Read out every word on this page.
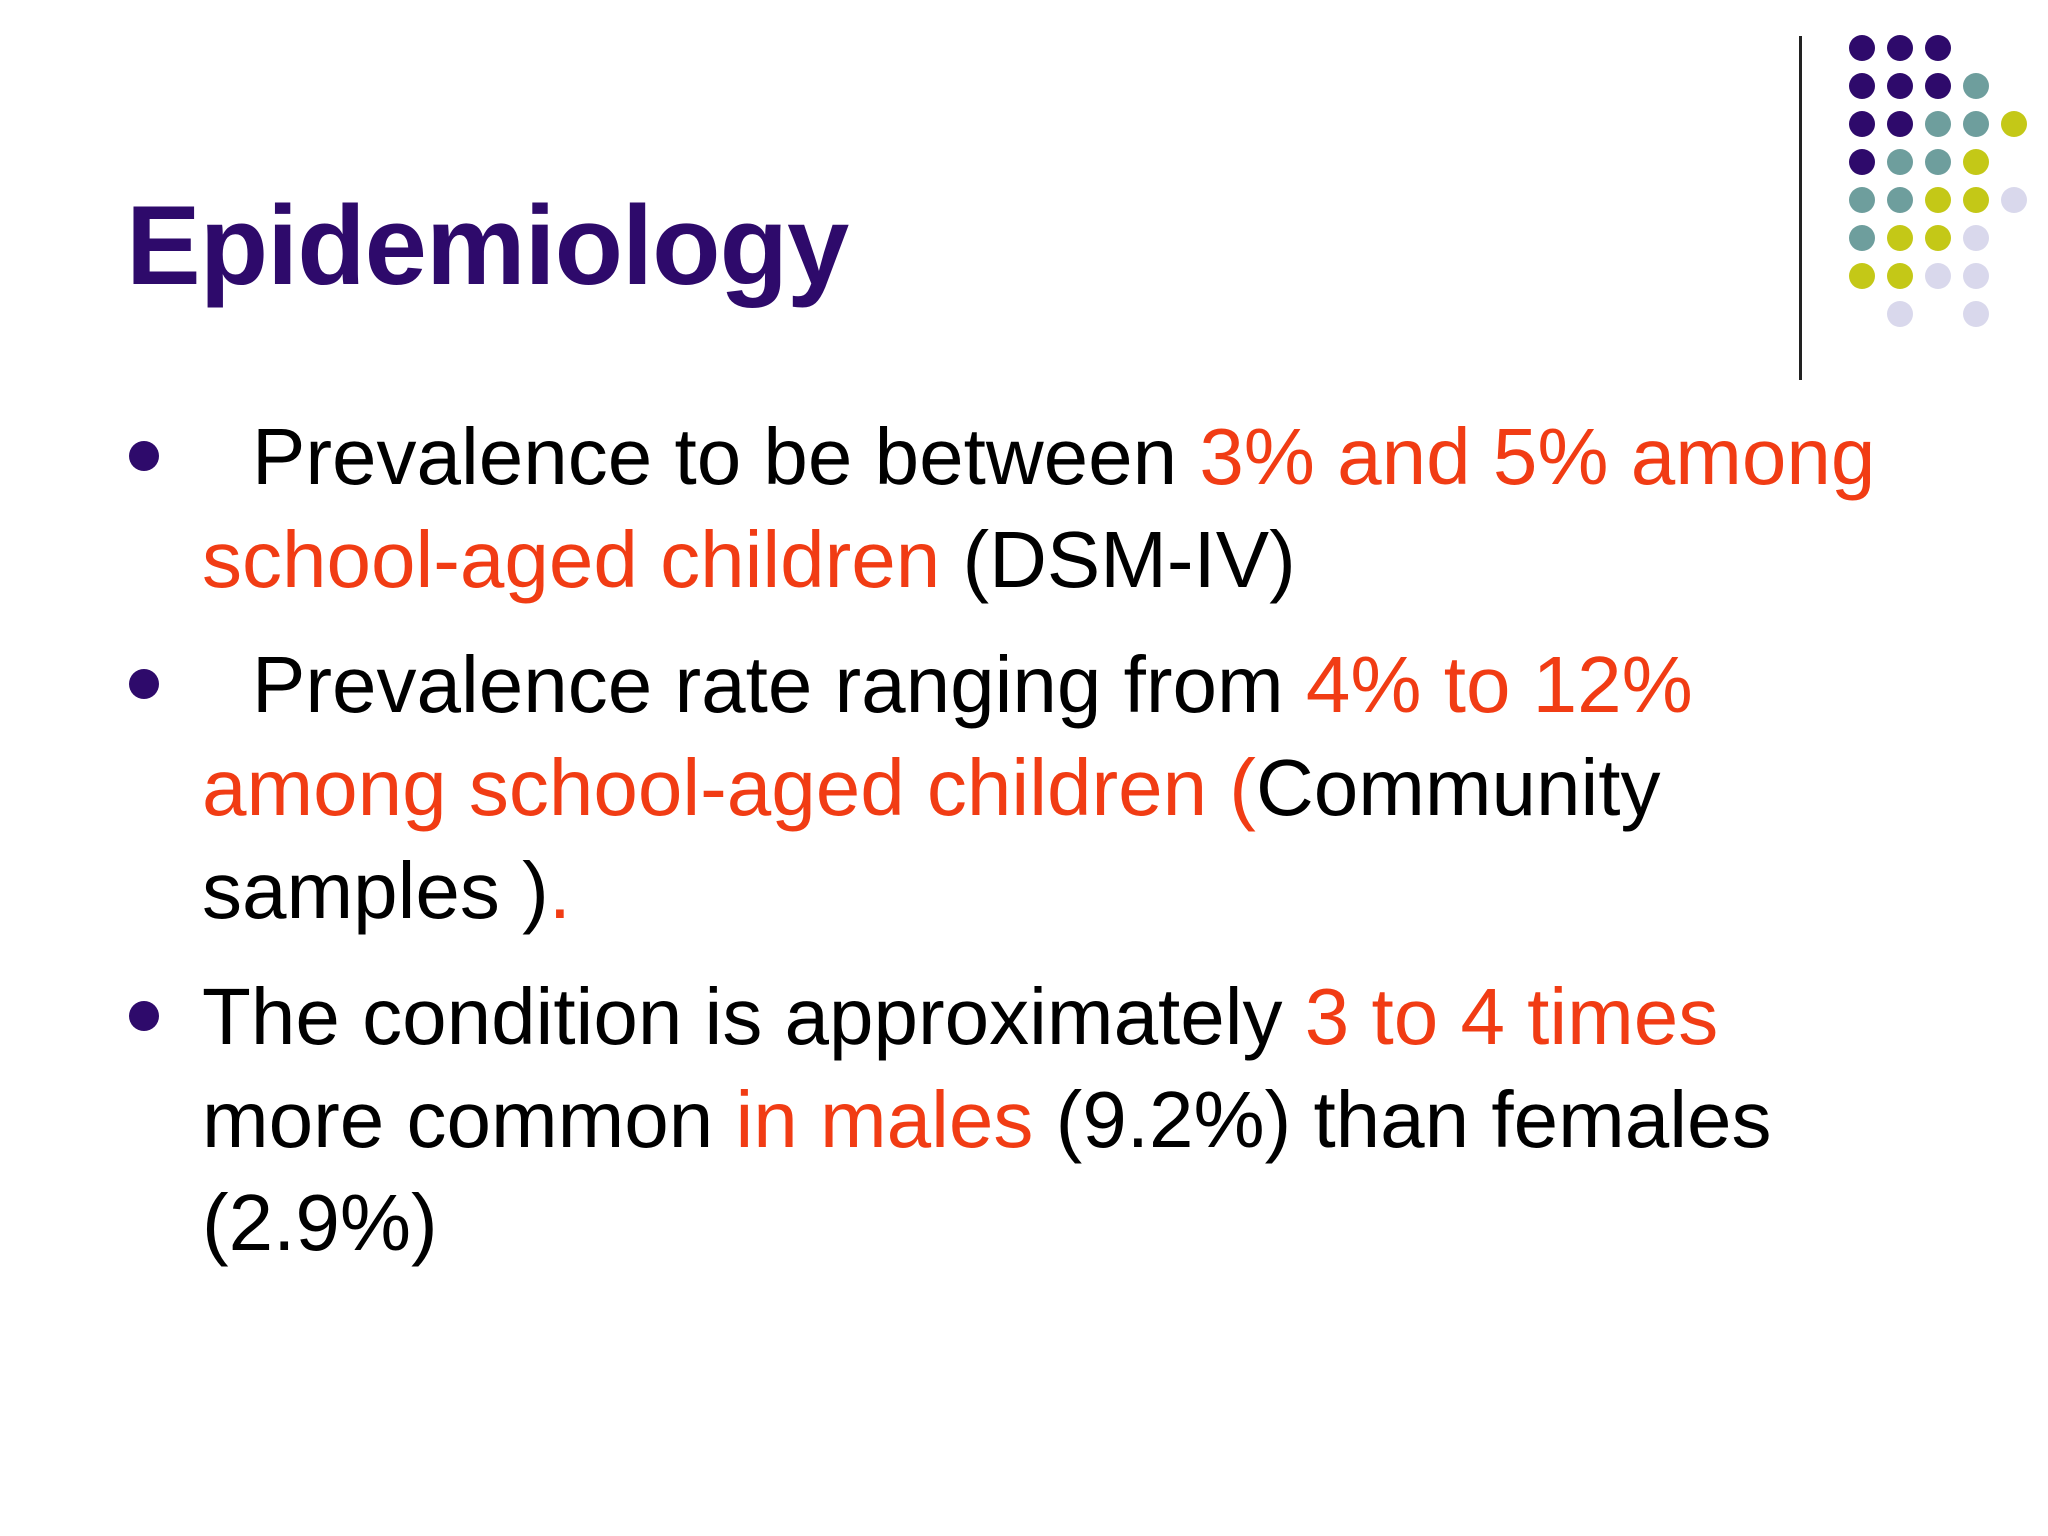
Epidemiology
Prevalence to be between 3% and 5% among school-aged children (DSM-IV)
Prevalence rate ranging from 4% to 12% among school-aged children (Community samples ).
The condition is approximately 3 to 4 times more common in males (9.2%) than females (2.9%)
